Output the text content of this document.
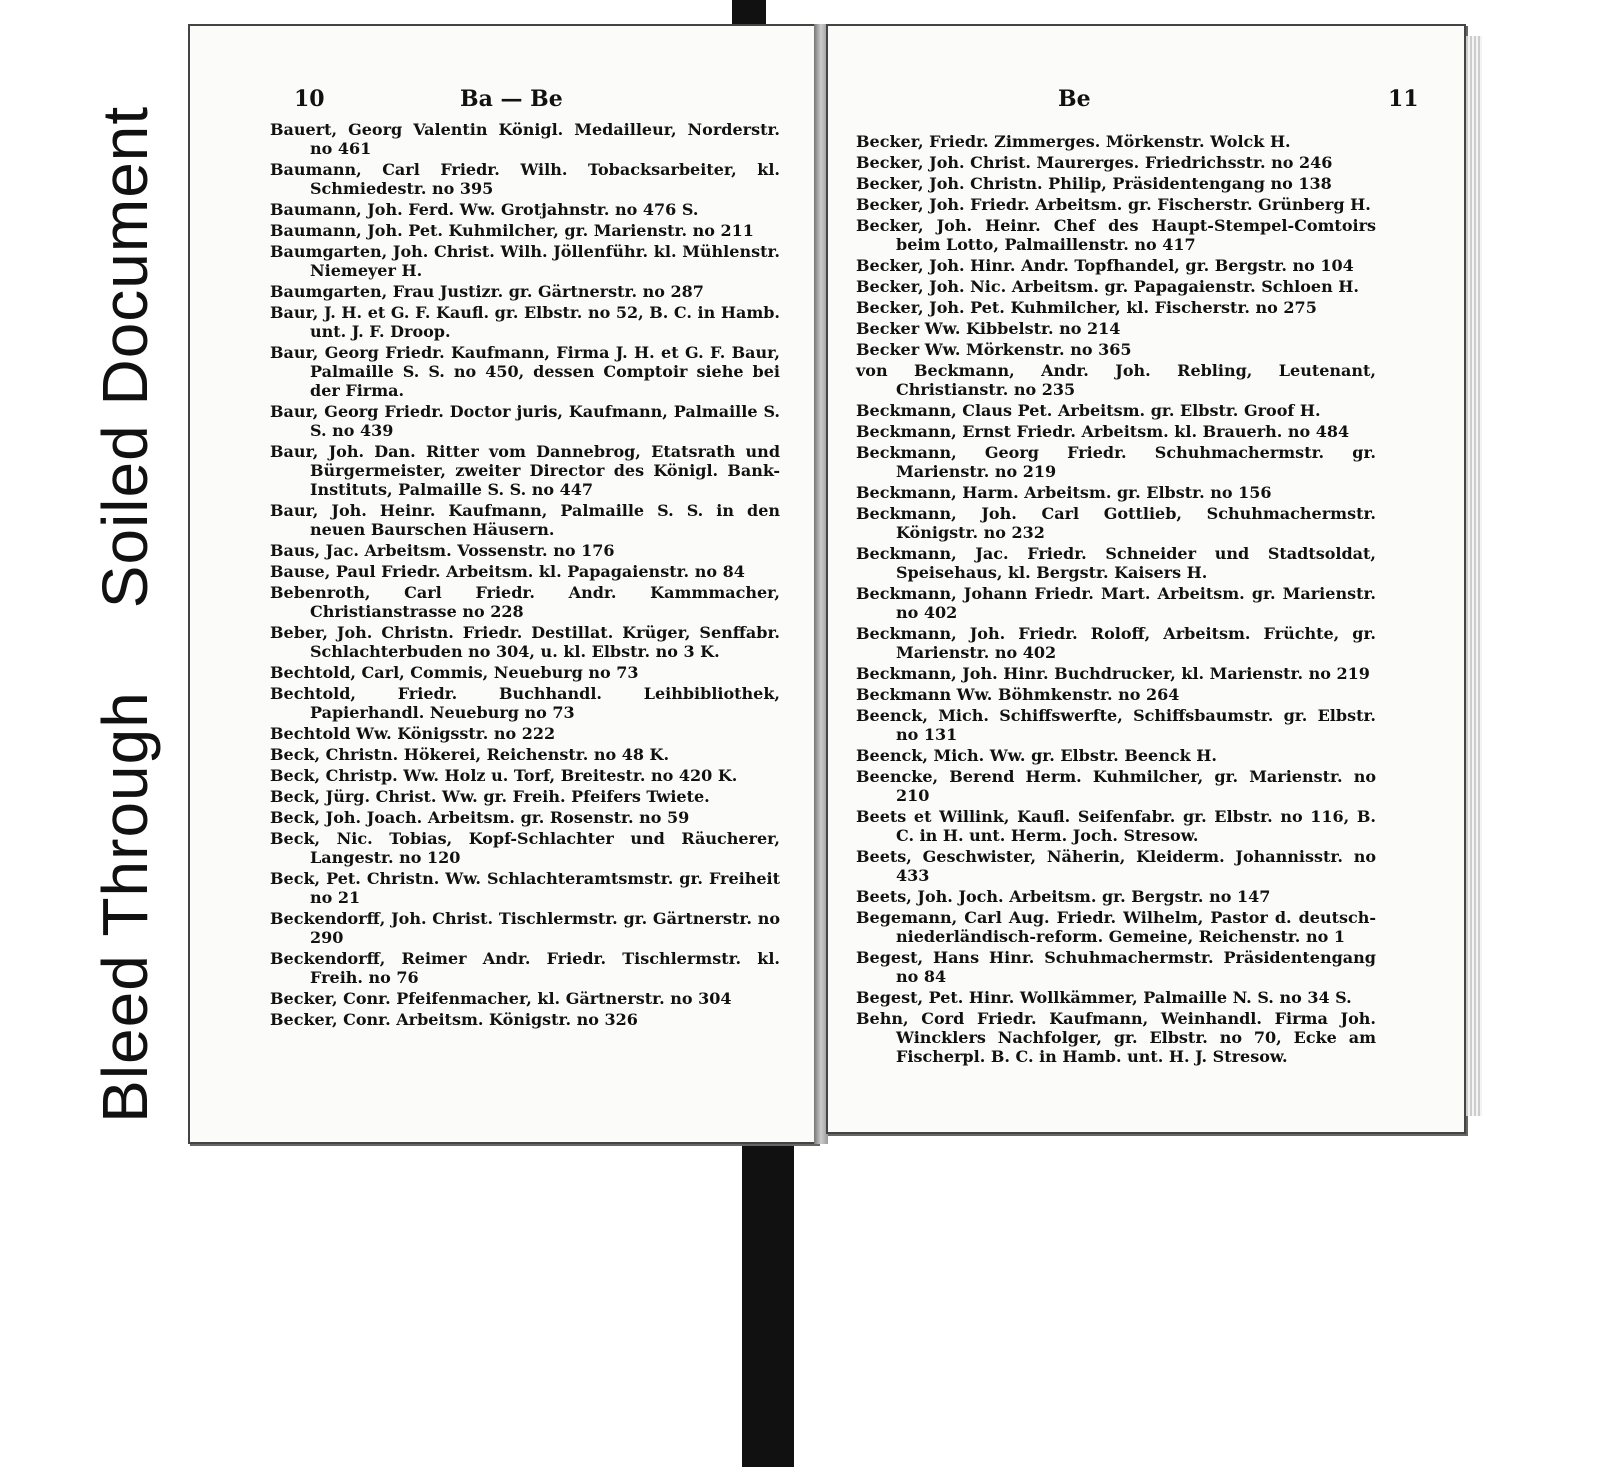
Bleed Through
Soiled Document
10	Ba — Be
Bauert, Georg Valentin Königl. Medailleur, Norderstr. no 461
Baumann, Carl Friedr. Wilh. Tobacksarbeiter, kl. Schmiedestr. no 395
Baumann, Joh. Ferd. Ww. Grotjahnstr. no 476 S.
Baumann, Joh. Pet. Kuhmilcher, gr. Marienstr. no 211
Baumgarten, Joh. Christ. Wilh. Jöllenführ. kl. Mühlenstr. Niemeyer H.
Baumgarten, Frau Justizr. gr. Gärtnerstr. no 287
Baur, J. H. et G. F. Kaufl. gr. Elbstr. no 52, B. C. in Hamb. unt. J. F. Droop.
Baur, Georg Friedr. Kaufmann, Firma J. H. et G. F. Baur, Palmaille S. S. no 450, dessen Comptoir siehe bei der Firma.
Baur, Georg Friedr. Doctor juris, Kaufmann, Palmaille S. S. no 439
Baur, Joh. Dan. Ritter vom Dannebrog, Etatsrath und Bürgermeister, zweiter Director des Königl. Bank-Instituts, Palmaille S. S. no 447
Baur, Joh. Heinr. Kaufmann, Palmaille S. S. in den neuen Baurschen Häusern.
Baus, Jac. Arbeitsm. Vossenstr. no 176
Bause, Paul Friedr. Arbeitsm. kl. Papagaienstr. no 84
Bebenroth, Carl Friedr. Andr. Kammmacher, Christianstrasse no 228
Beber, Joh. Christn. Friedr. Destillat. Krüger, Senffabr. Schlachterbuden no 304, u. kl. Elbstr. no 3 K.
Bechtold, Carl, Commis, Neueburg no 73
Bechtold, Friedr. Buchhandl. Leihbibliothek, Papierhandl. Neueburg no 73
Bechtold Ww. Königsstr. no 222
Beck, Christn. Hökerei, Reichenstr. no 48 K.
Beck, Christp. Ww. Holz u. Torf, Breitestr. no 420 K.
Beck, Jürg. Christ. Ww. gr. Freih. Pfeifers Twiete.
Beck, Joh. Joach. Arbeitsm. gr. Rosenstr. no 59
Beck, Nic. Tobias, Kopf-Schlachter und Räucherer, Langestr. no 120
Beck, Pet. Christn. Ww. Schlachteramtsmstr. gr. Freiheit no 21
Beckendorff, Joh. Christ. Tischlermstr. gr. Gärtnerstr. no 290
Beckendorff, Reimer Andr. Friedr. Tischlermstr. kl. Freih. no 76
Becker, Conr. Pfeifenmacher, kl. Gärtnerstr. no 304
Becker, Conr. Arbeitsm. Königstr. no 326
Be	11
Becker, Friedr. Zimmerges. Mörkenstr. Wolck H.
Becker, Joh. Christ. Maurerges. Friedrichsstr. no 246
Becker, Joh. Christn. Philip, Präsidentengang no 138
Becker, Joh. Friedr. Arbeitsm. gr. Fischerstr. Grünberg H.
Becker, Joh. Heinr. Chef des Haupt-Stempel-Comtoirs beim Lotto, Palmaillenstr. no 417
Becker, Joh. Hinr. Andr. Topfhandel, gr. Bergstr. no 104
Becker, Joh. Nic. Arbeitsm. gr. Papagaienstr. Schloen H.
Becker, Joh. Pet. Kuhmilcher, kl. Fischerstr. no 275
Becker Ww. Kibbelstr. no 214
Becker Ww. Mörkenstr. no 365
von Beckmann, Andr. Joh. Rebling, Leutenant, Christianstr. no 235
Beckmann, Claus Pet. Arbeitsm. gr. Elbstr. Groof H.
Beckmann, Ernst Friedr. Arbeitsm. kl. Brauerh. no 484
Beckmann, Georg Friedr. Schuhmachermstr. gr. Marienstr. no 219
Beckmann, Harm. Arbeitsm. gr. Elbstr. no 156
Beckmann, Joh. Carl Gottlieb, Schuhmachermstr. Königstr. no 232
Beckmann, Jac. Friedr. Schneider und Stadtsoldat, Speisehaus, kl. Bergstr. Kaisers H.
Beckmann, Johann Friedr. Mart. Arbeitsm. gr. Marienstr. no 402
Beckmann, Joh. Friedr. Roloff, Arbeitsm. Früchte, gr. Marienstr. no 402
Beckmann, Joh. Hinr. Buchdrucker, kl. Marienstr. no 219
Beckmann Ww. Böhmkenstr. no 264
Beenck, Mich. Schiffswerfte, Schiffsbaumstr. gr. Elbstr. no 131
Beenck, Mich. Ww. gr. Elbstr. Beenck H.
Beencke, Berend Herm. Kuhmilcher, gr. Marienstr. no 210
Beets et Willink, Kaufl. Seifenfabr. gr. Elbstr. no 116, B. C. in H. unt. Herm. Joch. Stresow.
Beets, Geschwister, Näherin, Kleiderm. Johannisstr. no 433
Beets, Joh. Joch. Arbeitsm. gr. Bergstr. no 147
Begemann, Carl Aug. Friedr. Wilhelm, Pastor d. deutsch-niederländisch-reform. Gemeine, Reichenstr. no 1
Begest, Hans Hinr. Schuhmachermstr. Präsidentengang no 84
Begest, Pet. Hinr. Wollkämmer, Palmaille N. S. no 34 S.
Behn, Cord Friedr. Kaufmann, Weinhandl. Firma Joh. Wincklers Nachfolger, gr. Elbstr. no 70, Ecke am Fischerpl. B. C. in Hamb. unt. H. J. Stresow.
